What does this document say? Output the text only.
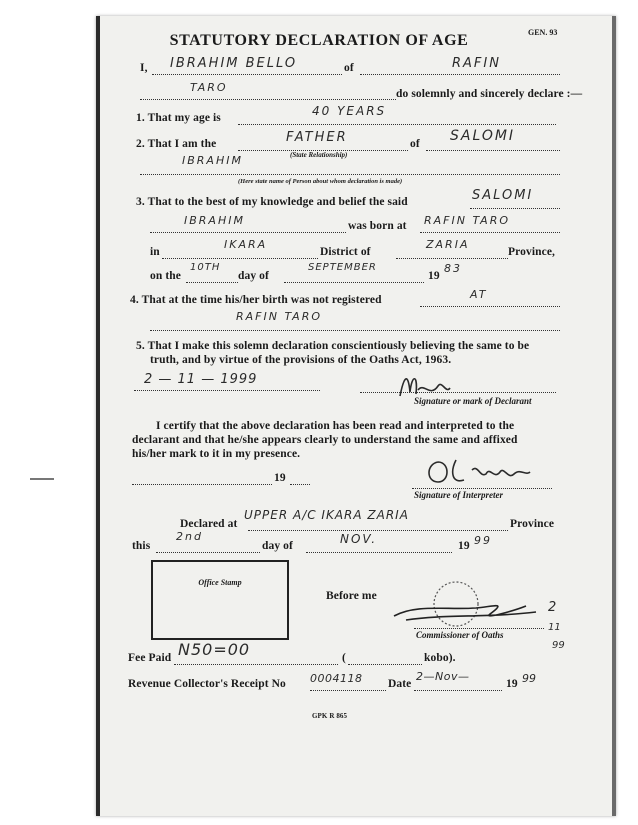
GEN. 93
STATUTORY DECLARATION OF AGE
I, IBRAHIM BELLO	of	RAFIN
TARO	do solemnly and sincerely declare :—
1. That my age is	40 YEARS
2. That I am the	FATHER	of SALOMI
(State Relationship)
IBRAHIM
(Here state name of Person about whom declaration is made)
3. That to the best of my knowledge and belief the said	SALOMI
IBRAHIM	was born at RAFIN TARO
in
IKARA
District of
ZARIA
Province,
on the
10TH
day of
SEPTEMBER
19
83
4. That at the time his/her birth was not registered	AT
RAFIN TARO
5. That I make this solemn declaration conscientiously believing the same to be
truth, and by virtue of the provisions of the Oaths Act, 1963.
2 — 11 — 1999
Signature or mark of Declarant
I certify that the above declaration has been read and interpreted to the
declarant and that he/she appears clearly to understand the same and affixed
his/her mark to it in my presence.
19
Signature of Interpreter
Declared at
UPPER A/C IKARA ZARIA
Province
this
2nd
day of	NOV.	19 99
Office Stamp
Before me
Commissioner of Oaths
2
11
99
Fee Paid N50=00	(	kobo).
Revenue Collector's Receipt No 0004118 Date
2—Nov—
19 99
GPK R 865
